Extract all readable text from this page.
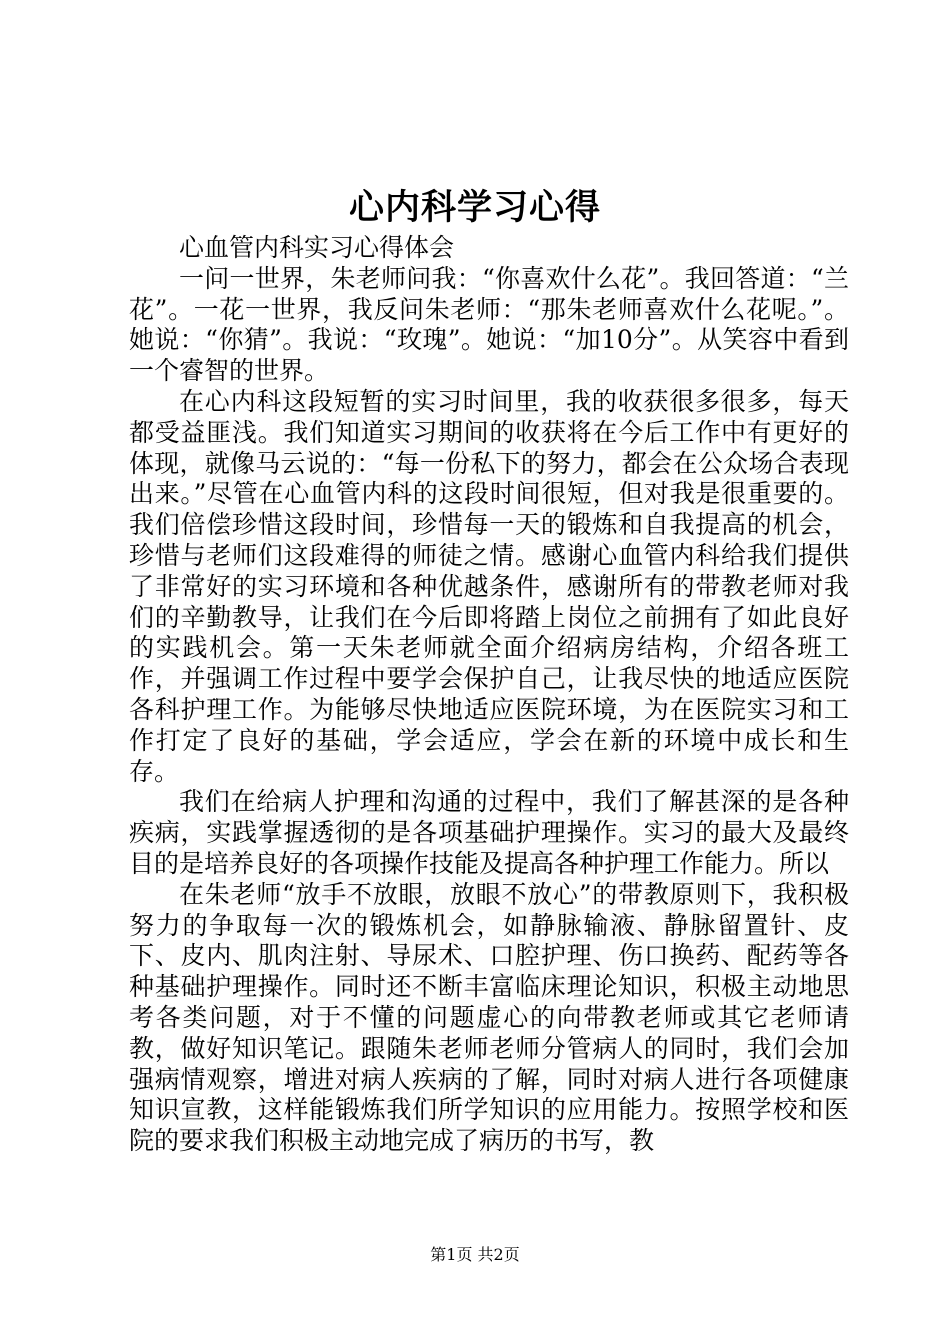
心内科学习心得

心血管内科实习心得体会

一问一世界，朱老师问我：“你喜欢什么花”。我回答道：“兰花”。一花一世界，我反问朱老师：“那朱老师喜欢什么花呢。”。她说：“你猜”。我说：“玫瑰”。她说：“加10分”。从笑容中看到一个睿智的世界。

在心内科这段短暂的实习时间里，我的收获很多很多，每天都受益匪浅。我们知道实习期间的收获将在今后工作中有更好的体现，就像马云说的：“每一份私下的努力，都会在公众场合表现出来。”尽管在心血管内科的这段时间很短，但对我是很重要的。我们倍偿珍惜这段时间，珍惜每一天的锻炼和自我提高的机会，珍惜与老师们这段难得的师徒之情。感谢心血管内科给我们提供了非常好的实习环境和各种优越条件，感谢所有的带教老师对我们的辛勤教导，让我们在今后即将踏上岗位之前拥有了如此良好的实践机会。第一天朱老师就全面介绍病房结构，介绍各班工作，并强调工作过程中要学会保护自己，让我尽快的地适应医院各科护理工作。为能够尽快地适应医院环境，为在医院实习和工作打定了良好的基础，学会适应，学会在新的环境中成长和生存。

我们在给病人护理和沟通的过程中，我们了解甚深的是各种疾病，实践掌握透彻的是各项基础护理操作。实习的最大及最终目的是培养良好的各项操作技能及提高各种护理工作能力。所以

在朱老师“放手不放眼，放眼不放心”的带教原则下，我积极努力的争取每一次的锻炼机会，如静脉输液、静脉留置针、皮下、皮内、肌肉注射、导尿术、口腔护理、伤口换药、配药等各种基础护理操作。同时还不断丰富临床理论知识，积极主动地思考各类问题，对于不懂的问题虚心的向带教老师或其它老师请教，做好知识笔记。跟随朱老师老师分管病人的同时，我们会加强病情观察，增进对病人疾病的了解，同时对病人进行各项健康知识宣教，这样能锻炼我们所学知识的应用能力。按照学校和医院的要求我们积极主动地完成了病历的书写，教

第1页 共2页
